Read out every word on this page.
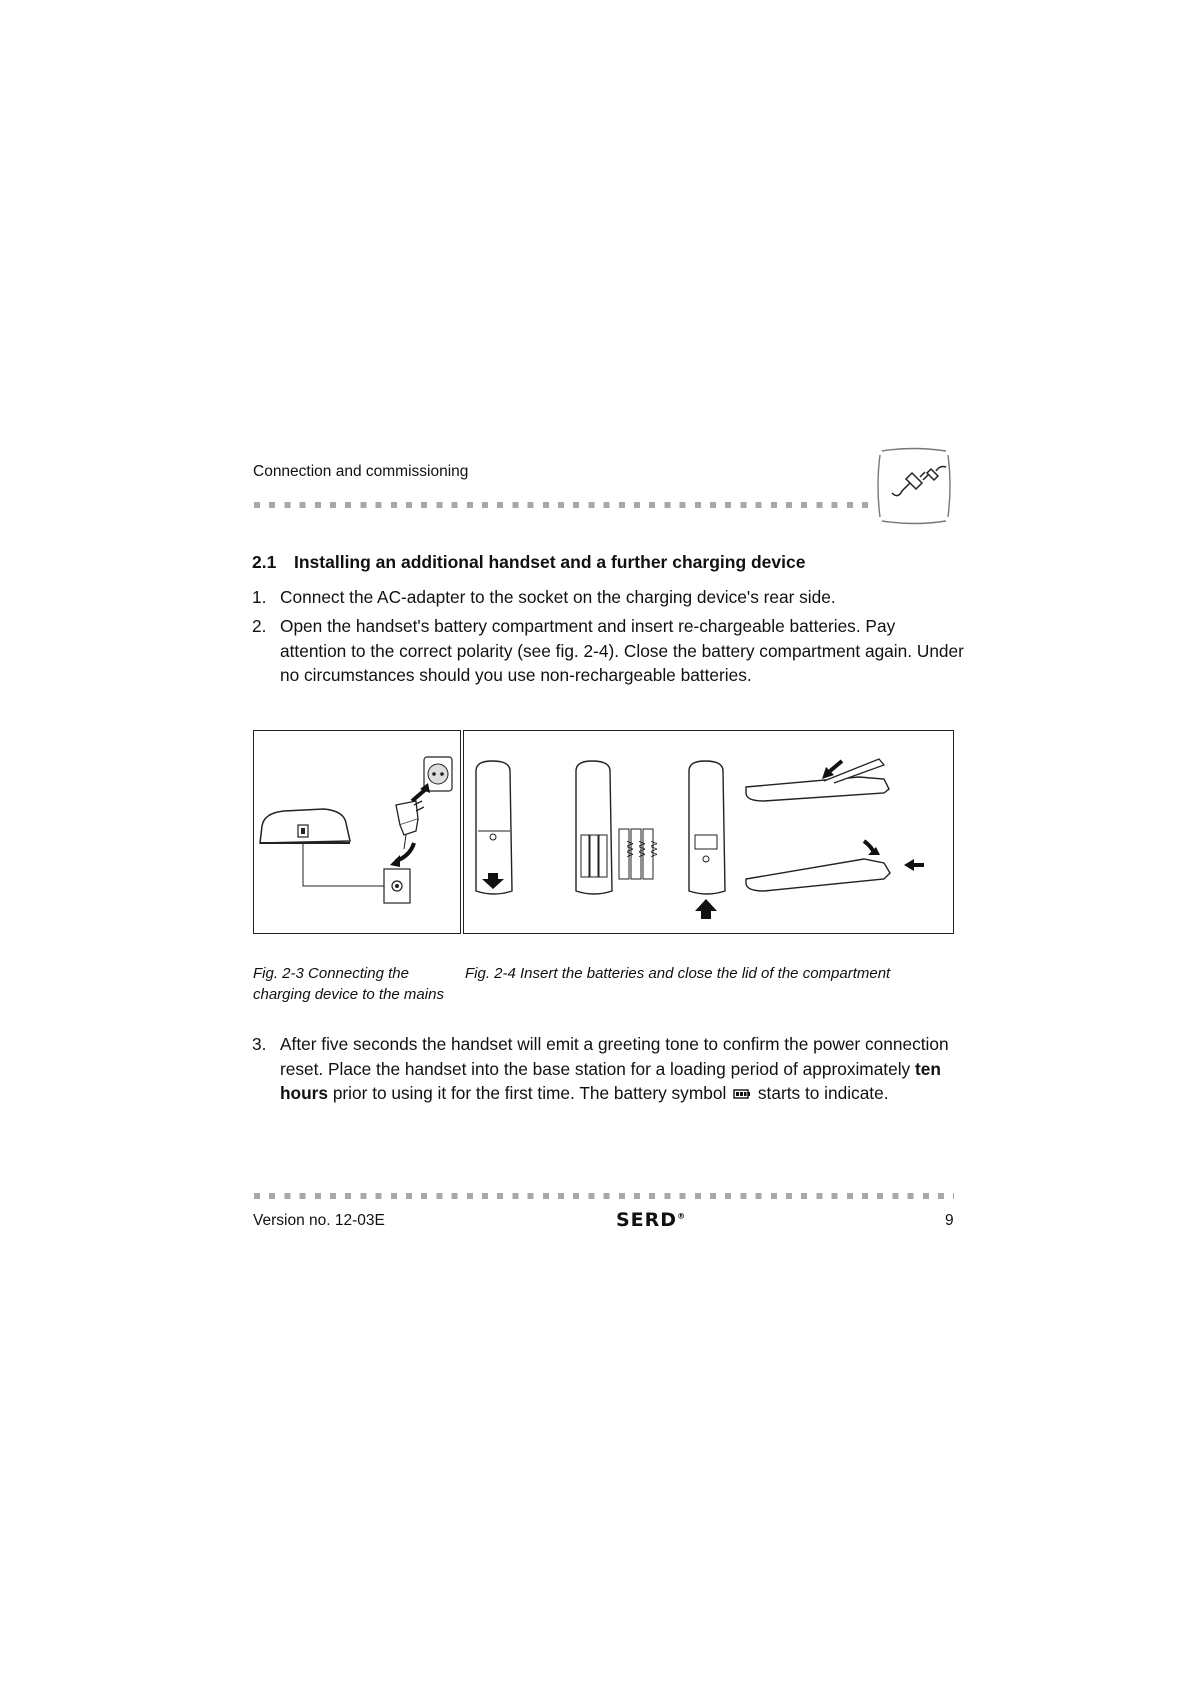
Connection and commissioning
2.1 Installing an additional handset and a further charging device
1. Connect the AC-adapter to the socket on the charging device's rear side.
2. Open the handset's battery compartment and insert re-chargeable batteries. Pay attention to the correct polarity (see fig. 2-4). Close the battery compartment again. Under no circumstances should you use non-rechargeable batteries.
AAA AAA AAA
Fig. 2-3 Connecting the charging device to the mains
Fig. 2-4 Insert the batteries and close the lid of the compartment
3. After five seconds the handset will emit a greeting tone to confirm the power connection reset. Place the handset into the base station for a loading period of approximately ten hours prior to using it for the first time. The battery symbol
starts to indicate.
Version no. 12-03E	SERD®	9
